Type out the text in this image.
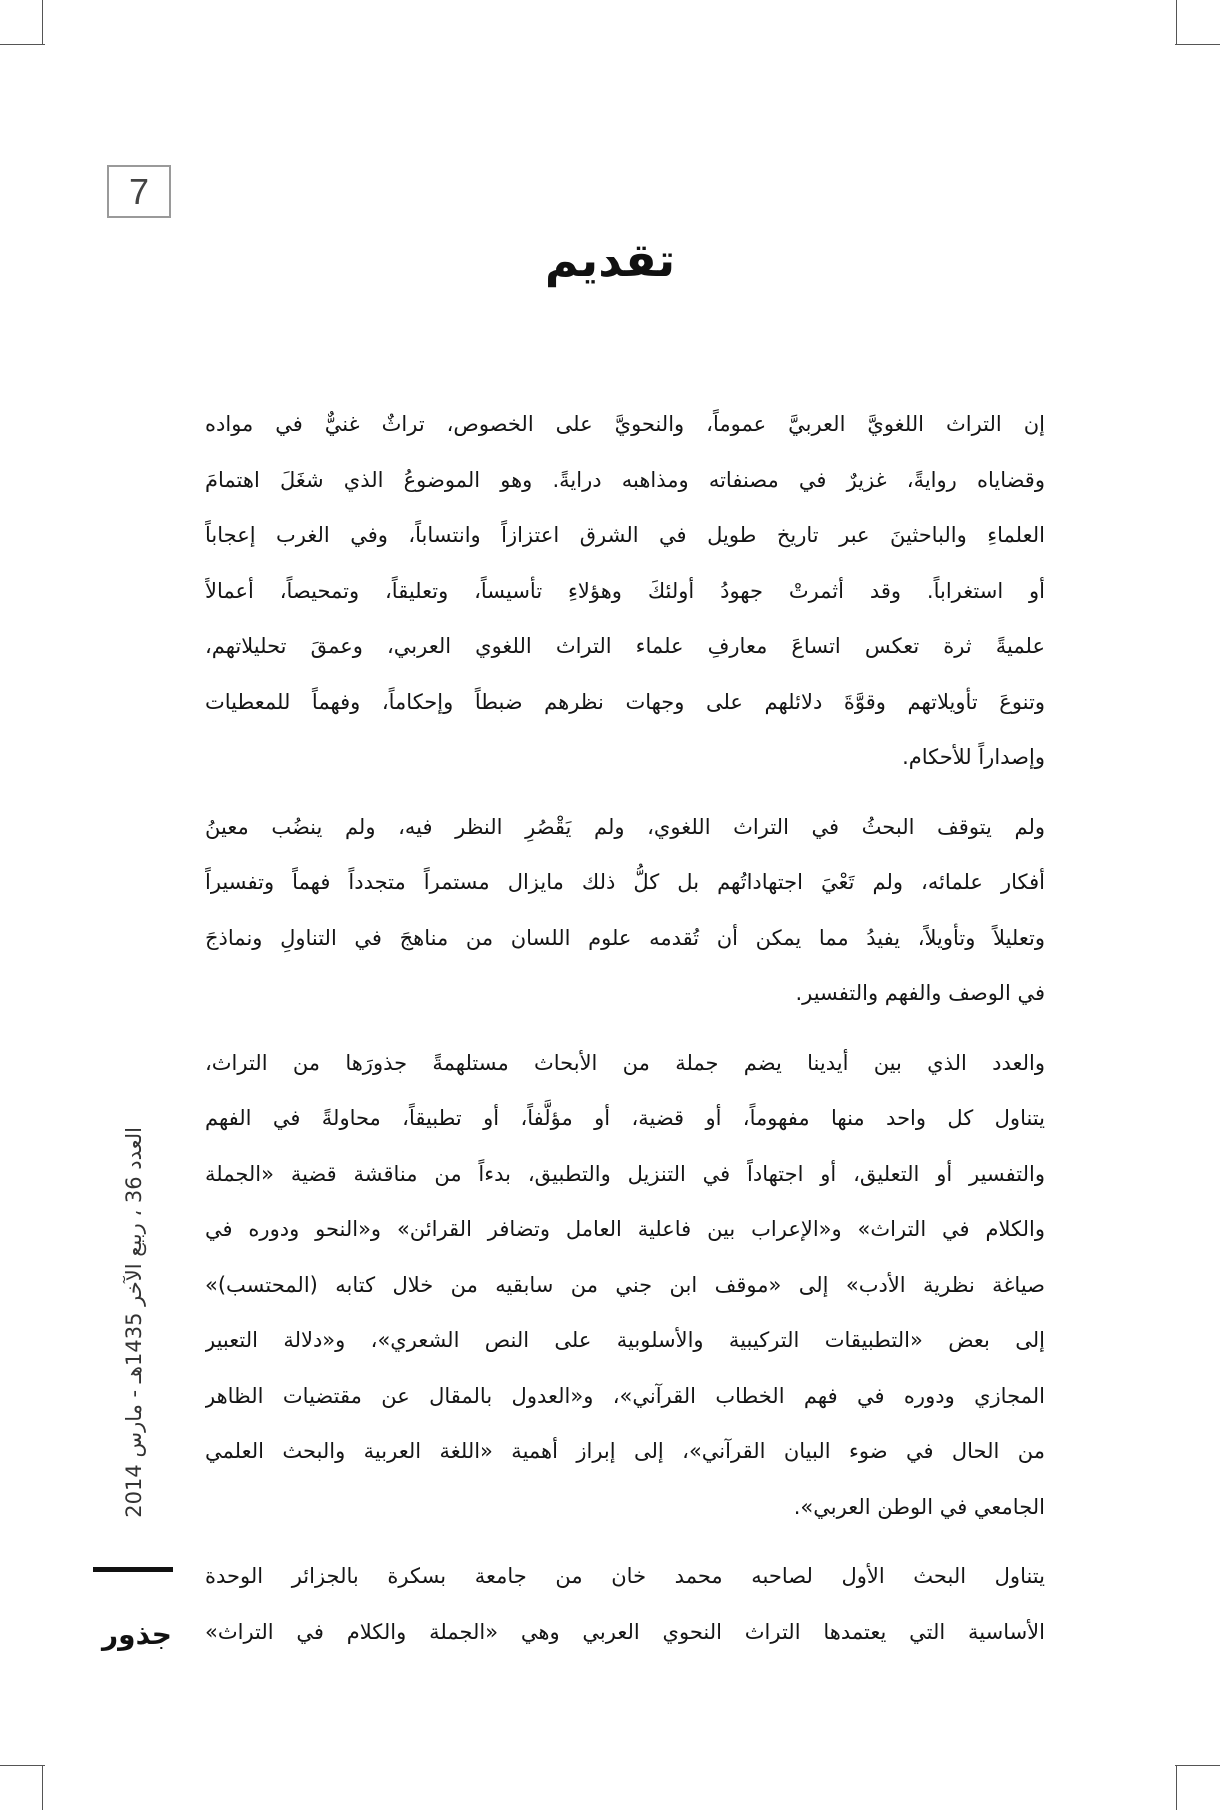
7
تقديم
إن التراث اللغويَّ العربيَّ عموماً، والنحويَّ على الخصوص، تراثٌ غنيٌّ في مواده
وقضاياه روايةً، غزيرٌ في مصنفاته ومذاهبه درايةً. وهو الموضوعُ الذي شغَلَ اهتمامَ
العلماءِ والباحثينَ عبر تاريخ طويل في الشرق اعتزازاً وانتساباً، وفي الغرب إعجاباً
أو استغراباً. وقد أثمرتْ جهودُ أولئكَ وهؤلاءِ تأسيساً، وتعليقاً، وتمحيصاً، أعمالاً
علميةً ثرة تعكس اتساعَ معارفِ علماء التراث اللغوي العربي، وعمقَ تحليلاتهم،
وتنوعَ تأويلاتهم وقوَّةَ دلائلهم على وجهات نظرهم ضبطاً وإحكاماً، وفهماً للمعطيات
وإصداراً للأحكام.
ولم يتوقف البحثُ في التراث اللغوي، ولم يَقْصُرِ النظر فيه، ولم ينضُب معينُ
أفكار علمائه، ولم تَعْيَ اجتهاداتُهم بل كلُّ ذلك مايزال مستمراً متجدداً فهماً وتفسيراً
وتعليلاً وتأويلاً، يفيدُ مما يمكن أن تُقدمه علوم اللسان من مناهجَ في التناولِ ونماذجَ
في الوصف والفهم والتفسير.
والعدد الذي بين أيدينا يضم جملة من الأبحاث مستلهمةً جذورَها من التراث،
يتناول كل واحد منها مفهوماً، أو قضية، أو مؤلَّفاً، أو تطبيقاً، محاولةً في الفهم
والتفسير أو التعليق، أو اجتهاداً في التنزيل والتطبيق، بدءاً من مناقشة قضية «الجملة
والكلام في التراث» و«الإعراب بين فاعلية العامل وتضافر القرائن» و«النحو ودوره في
صياغة نظرية الأدب» إلى «موقف ابن جني من سابقيه من خلال كتابه (المحتسب)»
إلى بعض «التطبيقات التركيبية والأسلوبية على النص الشعري»، و«دلالة التعبير
المجازي ودوره في فهم الخطاب القرآني»، و«العدول بالمقال عن مقتضيات الظاهر
من الحال في ضوء البيان القرآني»، إلى إبراز أهمية «اللغة العربية والبحث العلمي
الجامعي في الوطن العربي».
يتناول البحث الأول لصاحبه محمد خان من جامعة بسكرة بالجزائر الوحدة
الأساسية التي يعتمدها التراث النحوي العربي وهي «الجملة والكلام في التراث»
العدد 36 ، ربيع الآخر 1435هـ - مارس 2014
جذور
